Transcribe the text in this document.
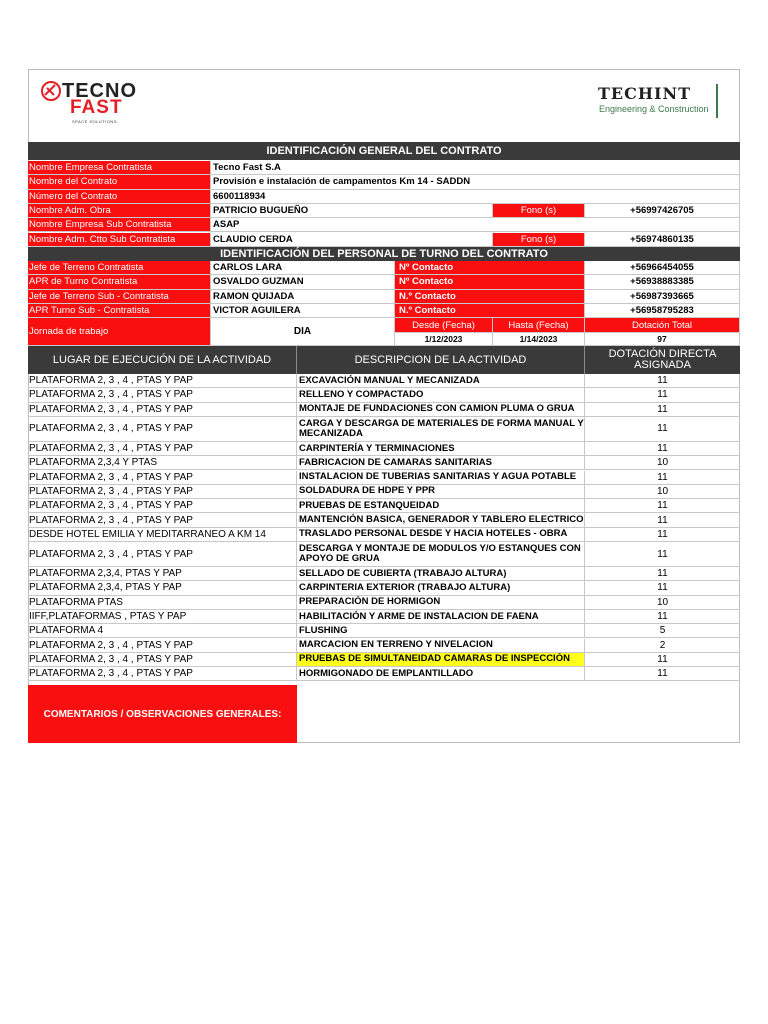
TECNO
FAST
SPACE SOLUTIONS
TECHINT
Engineering & Construction
IDENTIFICACIÓN GENERAL DEL CONTRATO
Nombre Empresa Contratista	Tecno Fast S.A
Nombre del Contrato	Provisión e instalación de campamentos Km 14 - SADDN
Número del Contrato	6600118934
Nombre Adm. Obra	PATRICIO BUGUEÑO	Fono (s)	+56997426705
Nombre Empresa Sub Contratista	ASAP
Nombre Adm. Ctto Sub Contratista	CLAUDIO CERDA	Fono (s)	+56974860135
IDENTIFICACIÓN DEL PERSONAL DE TURNO DEL CONTRATO
Jefe de Terreno Contratista	CARLOS LARA	Nº Contacto	+56966454055
APR de Turno Contratista	OSVALDO GUZMAN	Nº Contacto	+56938883385
Jefe de Terreno Sub - Contratista	RAMON QUIJADA	N.º Contacto	+56987393665
APR Turno Sub - Contratista	VICTOR AGUILERA	N.º Contacto	+56958795283
Jornada de trabajo	DIA
Desde (Fecha)	Hasta (Fecha)	Dotación Total
1/12/2023	1/14/2023	97
LUGAR DE EJECUCIÓN DE LA ACTIVIDAD	DESCRIPCION DE LA ACTIVIDAD	DOTACIÓN DIRECTA ASIGNADA
PLATAFORMA 2, 3 , 4 , PTAS Y PAP	EXCAVACIÓN MANUAL Y MECANIZADA	11
PLATAFORMA 2, 3 , 4 , PTAS Y PAP	RELLENO Y COMPACTADO	11
PLATAFORMA 2, 3 , 4 , PTAS Y PAP	MONTAJE DE FUNDACIONES CON CAMION PLUMA O GRUA	11
PLATAFORMA 2, 3 , 4 , PTAS Y PAP	CARGA Y DESCARGA DE MATERIALES DE FORMA MANUAL Y MECANIZADA	11
PLATAFORMA 2, 3 , 4 , PTAS Y PAP	CARPINTERÍA Y TERMINACIONES	11
PLATAFORMA 2,3,4 Y PTAS	FABRICACION DE CAMARAS SANITARIAS	10
PLATAFORMA 2, 3 , 4 , PTAS Y PAP	INSTALACION DE TUBERIAS SANITARIAS Y AGUA POTABLE	11
PLATAFORMA 2, 3 , 4 , PTAS Y PAP	SOLDADURA DE HDPE Y PPR	10
PLATAFORMA 2, 3 , 4 , PTAS Y PAP	PRUEBAS DE ESTANQUEIDAD	11
PLATAFORMA 2, 3 , 4 , PTAS Y PAP	MANTENCIÓN BASICA, GENERADOR Y TABLERO ELECTRICO	11
DESDE HOTEL EMILIA Y MEDITARRANEO A KM 14	TRASLADO PERSONAL DESDE Y HACIA HOTELES - OBRA	11
PLATAFORMA 2, 3 , 4 , PTAS Y PAP	DESCARGA Y MONTAJE DE MODULOS Y/O ESTANQUES CON APOYO DE GRUA	11
PLATAFORMA 2,3,4, PTAS Y PAP	SELLADO DE CUBIERTA (TRABAJO ALTURA)	11
PLATAFORMA 2,3,4, PTAS Y PAP	CARPINTERIA EXTERIOR (TRABAJO ALTURA)	11
PLATAFORMA PTAS	PREPARACIÓN DE HORMIGON	10
IIFF,PLATAFORMAS , PTAS Y PAP	HABILITACIÓN Y ARME DE INSTALACION DE FAENA	11
PLATAFORMA 4	FLUSHING	5
PLATAFORMA 2, 3 , 4 , PTAS Y PAP	MARCACION EN TERRENO Y NIVELACION	2
PLATAFORMA 2, 3 , 4 , PTAS Y PAP	PRUEBAS DE SIMULTANEIDAD CAMARAS DE INSPECCIÓN	11
PLATAFORMA 2, 3 , 4 , PTAS Y PAP	HORMIGONADO DE EMPLANTILLADO	11
COMENTARIOS / OBSERVACIONES GENERALES:
